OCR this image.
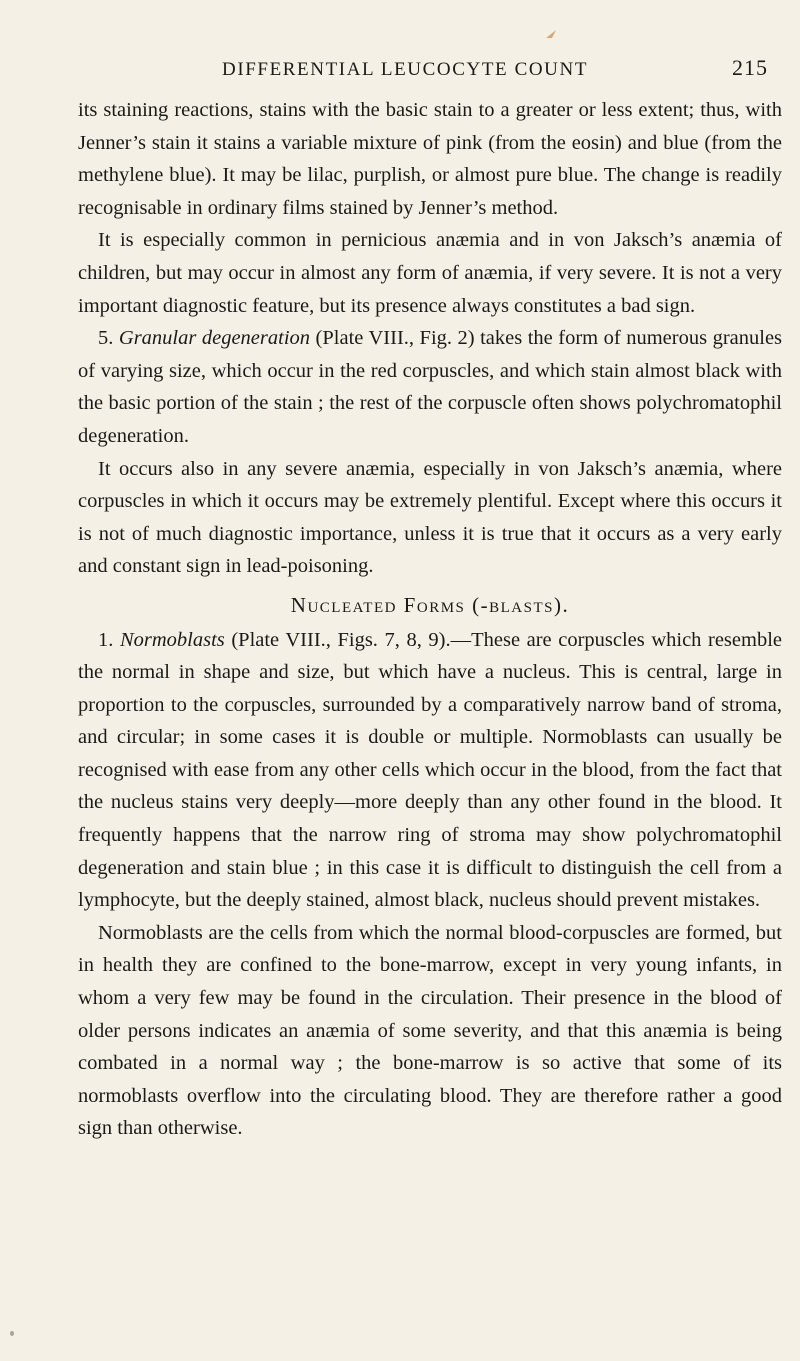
DIFFERENTIAL LEUCOCYTE COUNT	215

its staining reactions, stains with the basic stain to a greater or less extent; thus, with Jenner’s stain it stains a variable mixture of pink (from the eosin) and blue (from the methylene blue). It may be lilac, purplish, or almost pure blue. The change is readily recognisable in ordinary films stained by Jenner’s method.

It is especially common in pernicious anæmia and in von Jaksch’s anæmia of children, but may occur in almost any form of anæmia, if very severe. It is not a very important diagnostic feature, but its presence always constitutes a bad sign.

5. Granular degeneration (Plate VIII., Fig. 2) takes the form of numerous granules of varying size, which occur in the red corpuscles, and which stain almost black with the basic portion of the stain ; the rest of the corpuscle often shows polychromatophil degeneration.

It occurs also in any severe anæmia, especially in von Jaksch’s anæmia, where corpuscles in which it occurs may be extremely plentiful. Except where this occurs it is not of much diagnostic importance, unless it is true that it occurs as a very early and constant sign in lead-poisoning.

Nucleated Forms (-blasts).

1. Normoblasts (Plate VIII., Figs. 7, 8, 9).—These are corpuscles which resemble the normal in shape and size, but which have a nucleus. This is central, large in proportion to the corpuscles, surrounded by a comparatively narrow band of stroma, and circular; in some cases it is double or multiple. Normoblasts can usually be recognised with ease from any other cells which occur in the blood, from the fact that the nucleus stains very deeply—more deeply than any other found in the blood. It frequently happens that the narrow ring of stroma may show polychromatophil degeneration and stain blue ; in this case it is difficult to distinguish the cell from a lymphocyte, but the deeply stained, almost black, nucleus should prevent mistakes.

Normoblasts are the cells from which the normal blood-corpuscles are formed, but in health they are confined to the bone-marrow, except in very young infants, in whom a very few may be found in the circulation. Their presence in the blood of older persons indicates an anæmia of some severity, and that this anæmia is being combated in a normal way ; the bone-marrow is so active that some of its normoblasts overflow into the circulating blood. They are therefore rather a good sign than otherwise.
